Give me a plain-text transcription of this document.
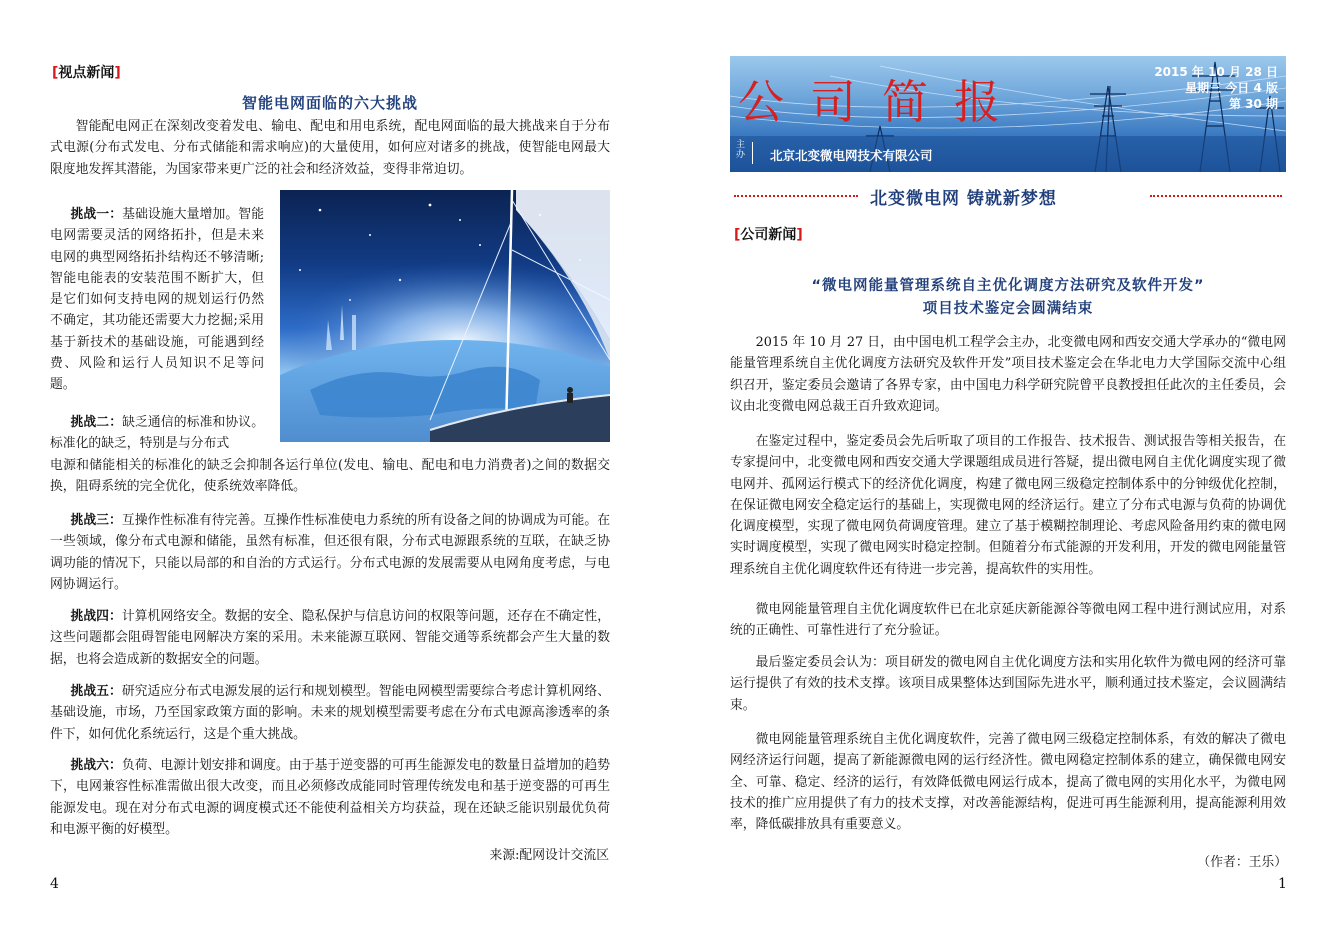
[视点新闻]
智能电网面临的六大挑战
智能配电网正在深刻改变着发电、输电、配电和用电系统，配电网面临的最大挑战来自于分布式电源(分布式发电、分布式储能和需求响应)的大量使用，如何应对诸多的挑战，使智能电网最大限度地发挥其潜能，为国家带来更广泛的社会和经济效益，变得非常迫切。
挑战一：基础设施大量增加。智能电网需要灵活的网络拓扑，但是未来电网的典型网络拓扑结构还不够清晰;智能电能表的安装范围不断扩大，但是它们如何支持电网的规划运行仍然不确定，其功能还需要大力挖掘;采用基于新技术的基础设施，可能遇到经费、风险和运行人员知识不足等问题。
挑战二：缺乏通信的标准和协议。标准化的缺乏，特别是与分布式
电源和储能相关的标准化的缺乏会抑制各运行单位(发电、输电、配电和电力消费者)之间的数据交换，阻碍系统的完全优化，使系统效率降低。
挑战三：互操作性标准有待完善。互操作性标准使电力系统的所有设备之间的协调成为可能。在一些领域，像分布式电源和储能，虽然有标准，但还很有限，分布式电源跟系统的互联，在缺乏协调功能的情况下，只能以局部的和自治的方式运行。分布式电源的发展需要从电网角度考虑，与电网协调运行。
挑战四：计算机网络安全。数据的安全、隐私保护与信息访问的权限等问题，还存在不确定性，这些问题都会阻碍智能电网解决方案的采用。未来能源互联网、智能交通等系统都会产生大量的数据，也将会造成新的数据安全的问题。
挑战五：研究适应分布式电源发展的运行和规划模型。智能电网模型需要综合考虑计算机网络、基础设施，市场，乃至国家政策方面的影响。未来的规划模型需要考虑在分布式电源高渗透率的条件下，如何优化系统运行，这是个重大挑战。
挑战六：负荷、电源计划安排和调度。由于基于逆变器的可再生能源发电的数量日益增加的趋势下，电网兼容性标准需做出很大改变，而且必须修改成能同时管理传统发电和基于逆变器的可再生能源发电。现在对分布式电源的调度模式还不能使利益相关方均获益，现在还缺乏能识别最优负荷和电源平衡的好模型。
来源:配网设计交流区
4
公司简报
2015 年 10 月 28 日
星期三 今日 4 版
第 30 期
主办 北京北变微电网技术有限公司
北变微电网 铸就新梦想
[公司新闻]
“微电网能量管理系统自主优化调度方法研究及软件开发”
项目技术鉴定会圆满结束
2015 年 10 月 27 日，由中国电机工程学会主办，北变微电网和西安交通大学承办的“微电网能量管理系统自主优化调度方法研究及软件开发”项目技术鉴定会在华北电力大学国际交流中心组织召开，鉴定委员会邀请了各界专家，由中国电力科学研究院曾平良教授担任此次的主任委员，会议由北变微电网总裁王百升致欢迎词。
在鉴定过程中，鉴定委员会先后听取了项目的工作报告、技术报告、测试报告等相关报告，在专家提问中，北变微电网和西安交通大学课题组成员进行答疑，提出微电网自主优化调度实现了微电网并、孤网运行模式下的经济优化调度，构建了微电网三级稳定控制体系中的分钟级优化控制，在保证微电网安全稳定运行的基础上，实现微电网的经济运行。建立了分布式电源与负荷的协调优化调度模型，实现了微电网负荷调度管理。建立了基于模糊控制理论、考虑风险备用约束的微电网实时调度模型，实现了微电网实时稳定控制。但随着分布式能源的开发利用，开发的微电网能量管理系统自主优化调度软件还有待进一步完善，提高软件的实用性。
微电网能量管理自主优化调度软件已在北京延庆新能源谷等微电网工程中进行测试应用，对系统的正确性、可靠性进行了充分验证。
最后鉴定委员会认为：项目研发的微电网自主优化调度方法和实用化软件为微电网的经济可靠运行提供了有效的技术支撑。该项目成果整体达到国际先进水平，顺利通过技术鉴定，会议圆满结束。
微电网能量管理系统自主优化调度软件，完善了微电网三级稳定控制体系，有效的解决了微电网经济运行问题，提高了新能源微电网的运行经济性。微电网稳定控制体系的建立，确保微电网安全、可靠、稳定、经济的运行，有效降低微电网运行成本，提高了微电网的实用化水平，为微电网技术的推广应用提供了有力的技术支撑，对改善能源结构，促进可再生能源利用，提高能源利用效率，降低碳排放具有重要意义。
（作者：王乐）
1
